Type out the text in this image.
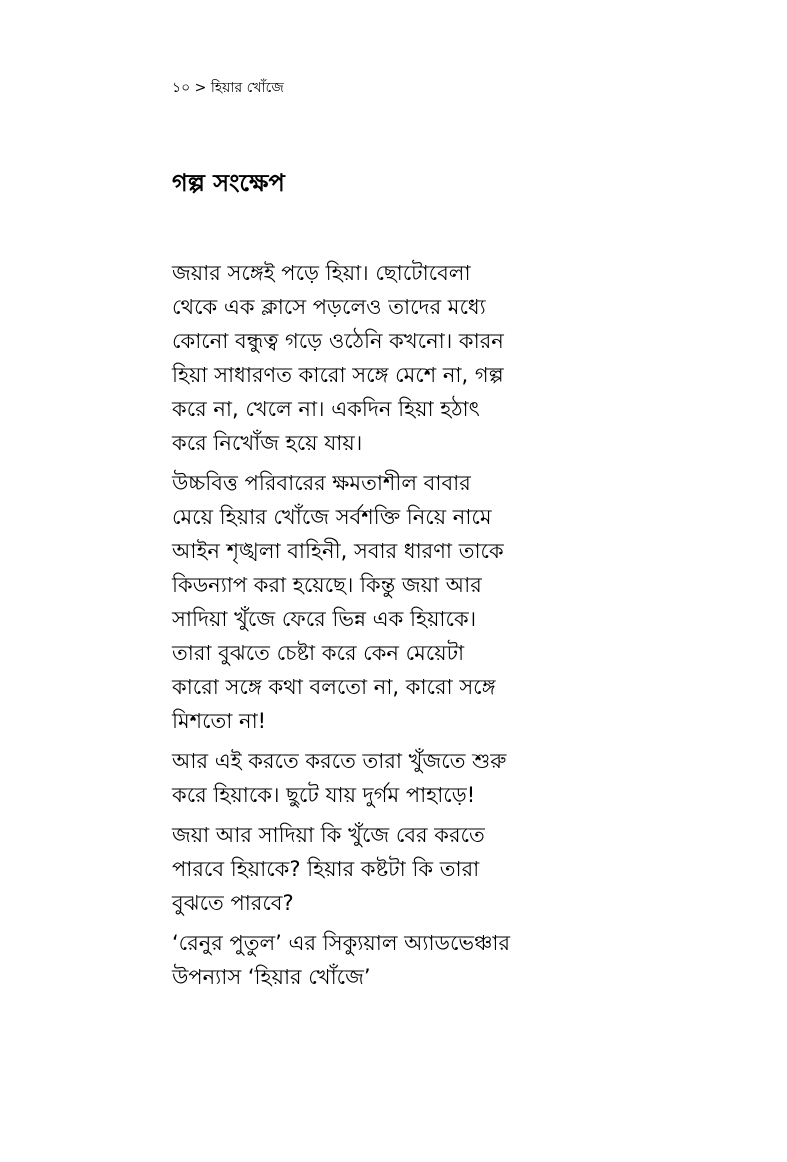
১০ > হিয়ার খোঁজে
গল্প সংক্ষেপ

জয়ার সঙ্গেই পড়ে হিয়া। ছোটোবেলা
থেকে এক ক্লাসে পড়লেও তাদের মধ্যে
কোনো বন্ধুত্ব গড়ে ওঠেনি কখনো। কারন
হিয়া সাধারণত কারো সঙ্গে মেশে না, গল্প
করে না, খেলে না। একদিন হিয়া হঠাৎ
করে নিখোঁজ হয়ে যায়।

উচ্চবিত্ত পরিবারের ক্ষমতাশীল বাবার
মেয়ে হিয়ার খোঁজে সর্বশক্তি নিয়ে নামে
আইন শৃঙ্খলা বাহিনী, সবার ধারণা তাকে
কিডন্যাপ করা হয়েছে। কিন্তু জয়া আর
সাদিয়া খুঁজে ফেরে ভিন্ন এক হিয়াকে।
তারা বুঝতে চেষ্টা করে কেন মেয়েটা
কারো সঙ্গে কথা বলতো না, কারো সঙ্গে
মিশতো না!

আর এই করতে করতে তারা খুঁজতে শুরু
করে হিয়াকে। ছুটে যায় দুর্গম পাহাড়ে!

জয়া আর সাদিয়া কি খুঁজে বের করতে
পারবে হিয়াকে? হিয়ার কষ্টটা কি তারা
বুঝতে পারবে?

‘রেনুর পুতুল’ এর সিক্যুয়াল অ্যাডভেঞ্চার
উপন্যাস ‘হিয়ার খোঁজে’
